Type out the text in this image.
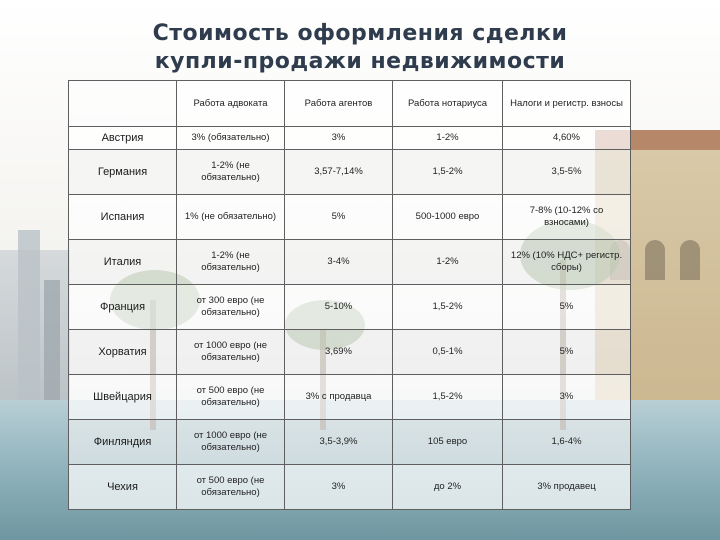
Стоимость оформления сделки
купли-продажи недвижимости
	Работа адвоката	Работа агентов	Работа нотариуса	Налоги и регистр. взносы
Австрия	3% (обязательно)	3%	1-2%	4,60%
Германия	1-2% (не обязательно)	3,57-7,14%	1,5-2%	3,5-5%
Испания	1% (не обязательно)	5%	500-1000 евро	7-8% (10-12% со взносами)
Италия	1-2% (не обязательно)	3-4%	1-2%	12% (10% НДС+ регистр. сборы)
Франция	от 300 евро (не обязательно)	5-10%	1,5-2%	5%
Хорватия	от 1000 евро (не обязательно)	3,69%	0,5-1%	5%
Швейцария	от 500 евро (не обязательно)	3% с продавца	1,5-2%	3%
Финляндия	от 1000 евро (не обязательно)	3,5-3,9%	105 евро	1,6-4%
Чехия	от 500 евро (не обязательно)	3%	до 2%	3% продавец
